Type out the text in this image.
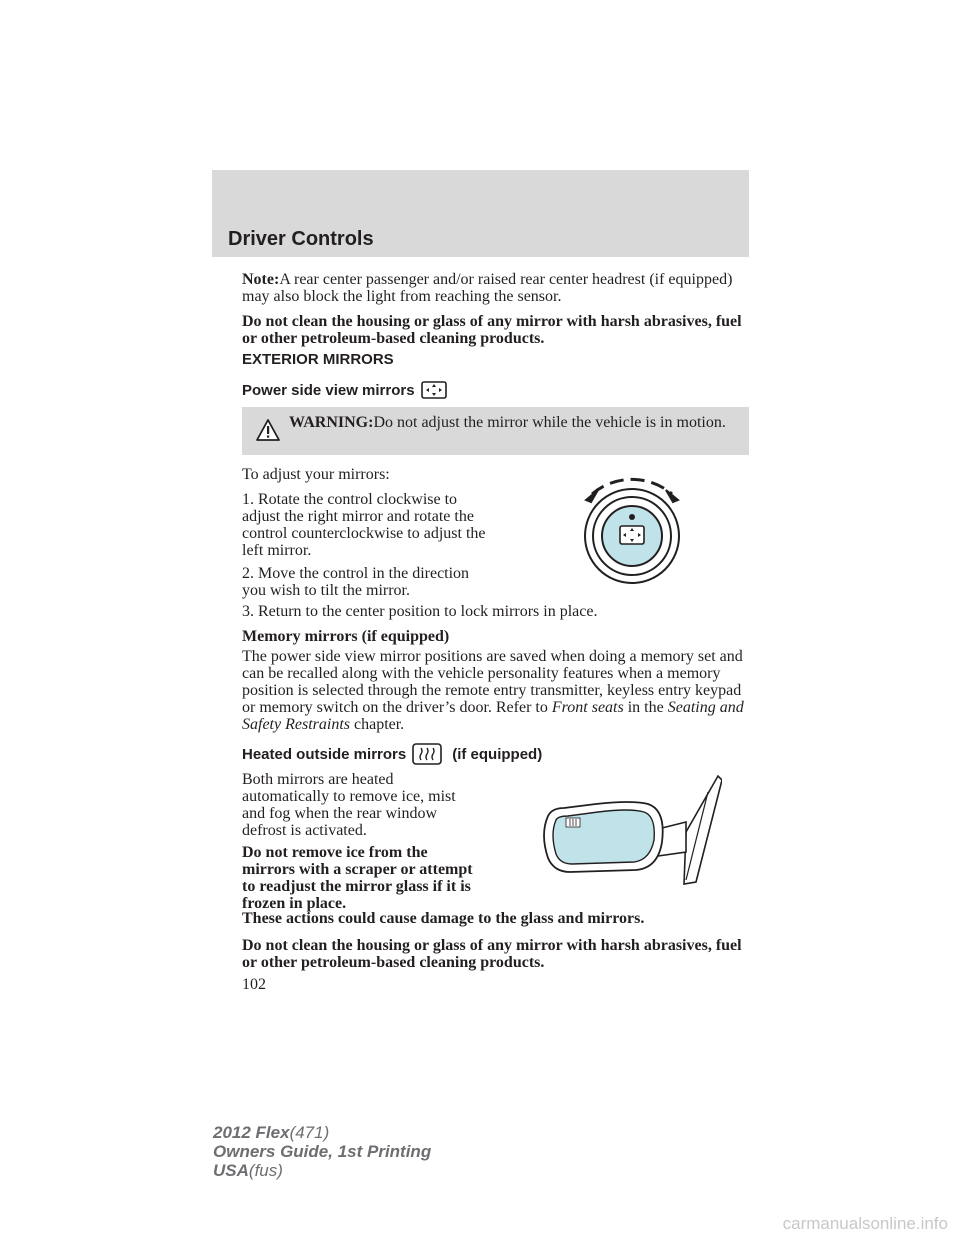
Driver Controls

Note:A rear center passenger and/or raised rear center headrest (if equipped) may also block the light from reaching the sensor.

Do not clean the housing or glass of any mirror with harsh abrasives, fuel or other petroleum-based cleaning products.

EXTERIOR MIRRORS

Power side view mirrors

WARNING:Do not adjust the mirror while the vehicle is in motion.

To adjust your mirrors:

1. Rotate the control clockwise to adjust the right mirror and rotate the control counterclockwise to adjust the left mirror.

2. Move the control in the direction you wish to tilt the mirror.

3. Return to the center position to lock mirrors in place.

Memory mirrors (if equipped)

The power side view mirror positions are saved when doing a memory set and can be recalled along with the vehicle personality features when a memory position is selected through the remote entry transmitter, keyless entry keypad or memory switch on the driver’s door. Refer to Front seats in the Seating and Safety Restraints chapter.

Heated outside mirrors	(if equipped)

Both mirrors are heated automatically to remove ice, mist and fog when the rear window defrost is activated.

Do not remove ice from the mirrors with a scraper or attempt to readjust the mirror glass if it is frozen in place.

These actions could cause damage to the glass and mirrors.

Do not clean the housing or glass of any mirror with harsh abrasives, fuel or other petroleum-based cleaning products.

102

2012 Flex(471)
Owners Guide, 1st Printing
USA(fus)
carmanualsonline.info
